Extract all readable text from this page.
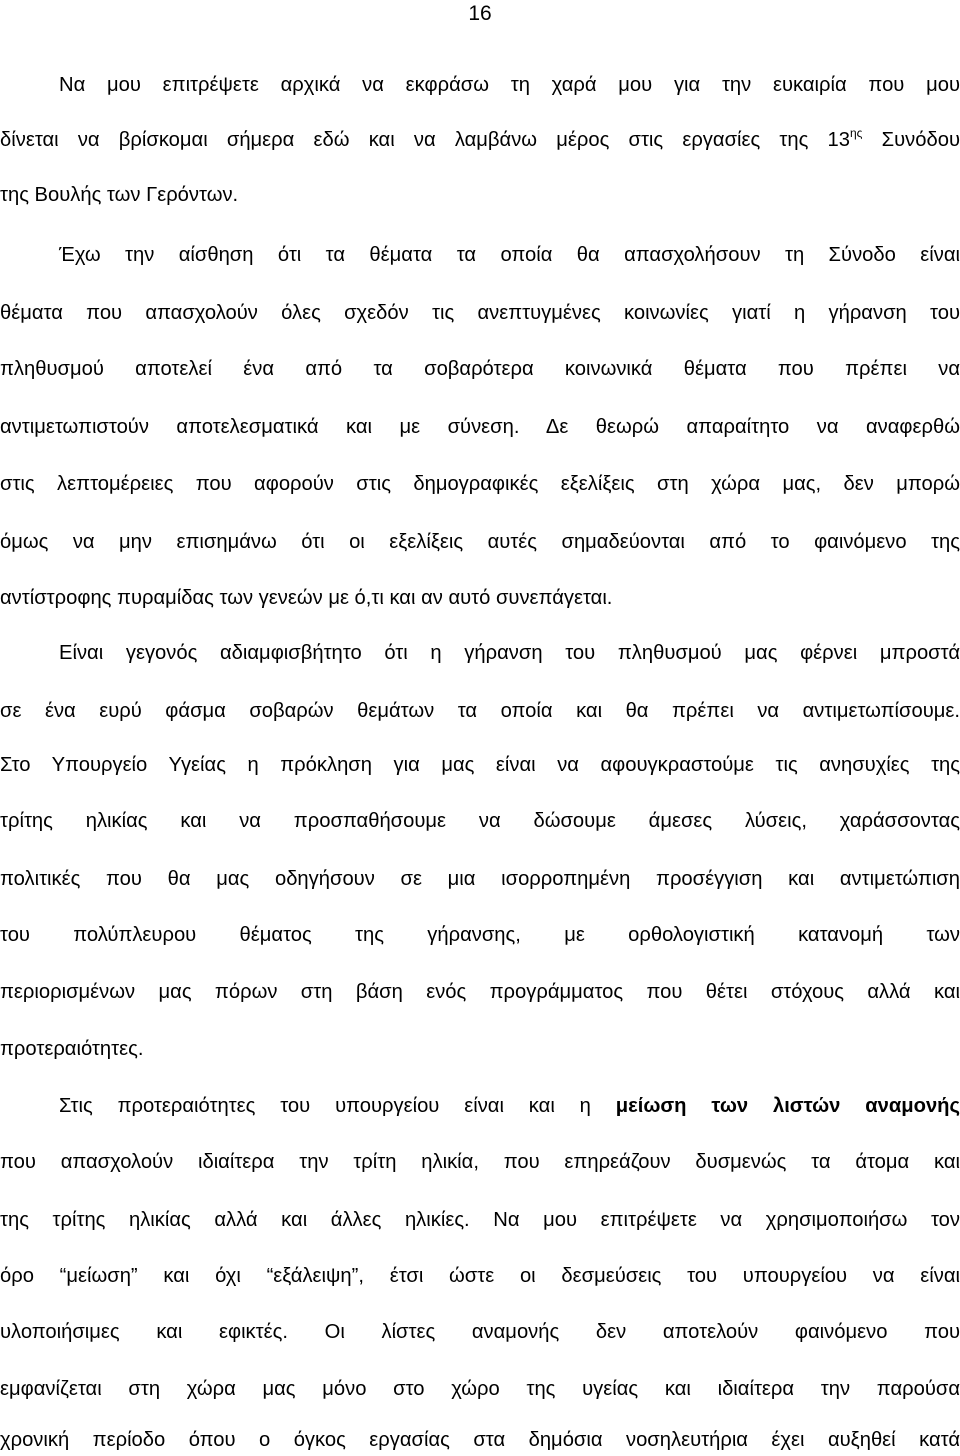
16
Να μου επιτρέψετε αρχικά να εκφράσω τη χαρά μου για την ευκαιρία που μου
δίνεται να βρίσκομαι σήμερα εδώ και να λαμβάνω μέρος στις εργασίες της $13^{\eta\varsigma}$ Συνόδου
της Βουλής των Γερόντων.
Έχω την αίσθηση ότι τα θέματα τα οποία θα απασχολήσουν τη Σύνοδο είναι
θέματα που απασχολούν όλες σχεδόν τις ανεπτυγμένες κοινωνίες γιατί η γήρανση του
πληθυσμού αποτελεί ένα από τα σοβαρότερα κοινωνικά θέματα που πρέπει να
αντιμετωπιστούν αποτελεσματικά και με σύνεση. Δε θεωρώ απαραίτητο να αναφερθώ
στις λεπτομέρειες που αφορούν στις δημογραφικές εξελίξεις στη χώρα μας, δεν μπορώ
όμως να μην επισημάνω ότι οι εξελίξεις αυτές σημαδεύονται από το φαινόμενο της
αντίστροφης πυραμίδας των γενεών με ό,τι και αν αυτό συνεπάγεται.
Είναι γεγονός αδιαμφισβήτητο ότι η γήρανση του πληθυσμού μας φέρνει μπροστά
σε ένα ευρύ φάσμα σοβαρών θεμάτων τα οποία και θα πρέπει να αντιμετωπίσουμε.
Στο Υπουργείο Υγείας η πρόκληση για μας είναι να αφουγκραστούμε τις ανησυχίες της
τρίτης ηλικίας και να προσπαθήσουμε να δώσουμε άμεσες λύσεις, χαράσσοντας
πολιτικές που θα μας οδηγήσουν σε μια ισορροπημένη προσέγγιση και αντιμετώπιση
του πολύπλευρου θέματος της γήρανσης, με ορθολογιστική κατανομή των
περιορισμένων μας πόρων στη βάση ενός προγράμματος που θέτει στόχους αλλά και
προτεραιότητες.
Στις προτεραιότητες του υπουργείου είναι και η μείωση των λιστών αναμονής
που απασχολούν ιδιαίτερα την τρίτη ηλικία, που επηρεάζουν δυσμενώς τα άτομα και
της τρίτης ηλικίας αλλά και άλλες ηλικίες. Να μου επιτρέψετε να χρησιμοποιήσω τον
όρο “μείωση” και όχι “εξάλειψη”, έτσι ώστε οι δεσμεύσεις του υπουργείου να είναι
υλοποιήσιμες και εφικτές. Οι λίστες αναμονής δεν αποτελούν φαινόμενο που
εμφανίζεται στη χώρα μας μόνο στο χώρο της υγείας και ιδιαίτερα την παρούσα
χρονική περίοδο όπου ο όγκος εργασίας στα δημόσια νοσηλευτήρια έχει αυξηθεί κατά
